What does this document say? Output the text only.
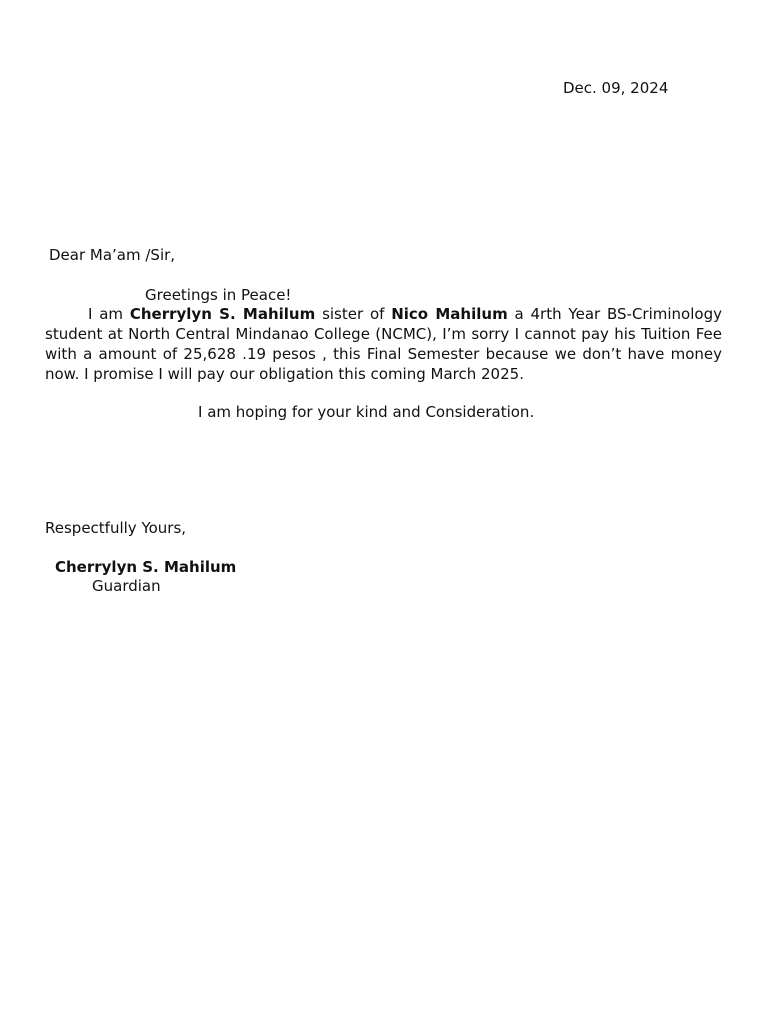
Dec. 09, 2024
Dear Ma’am /Sir,
Greetings in Peace!
I am Cherrylyn S. Mahilum sister of Nico Mahilum a 4rth Year BS-Criminology student at North Central Mindanao College (NCMC), I’m sorry I cannot pay his Tuition Fee with a amount of 25,628 .19 pesos , this Final Semester because we don’t have money now. I promise I will pay our obligation this coming March 2025.
I am hoping for your kind and Consideration.
Respectfully Yours,
Cherrylyn S. Mahilum
Guardian
